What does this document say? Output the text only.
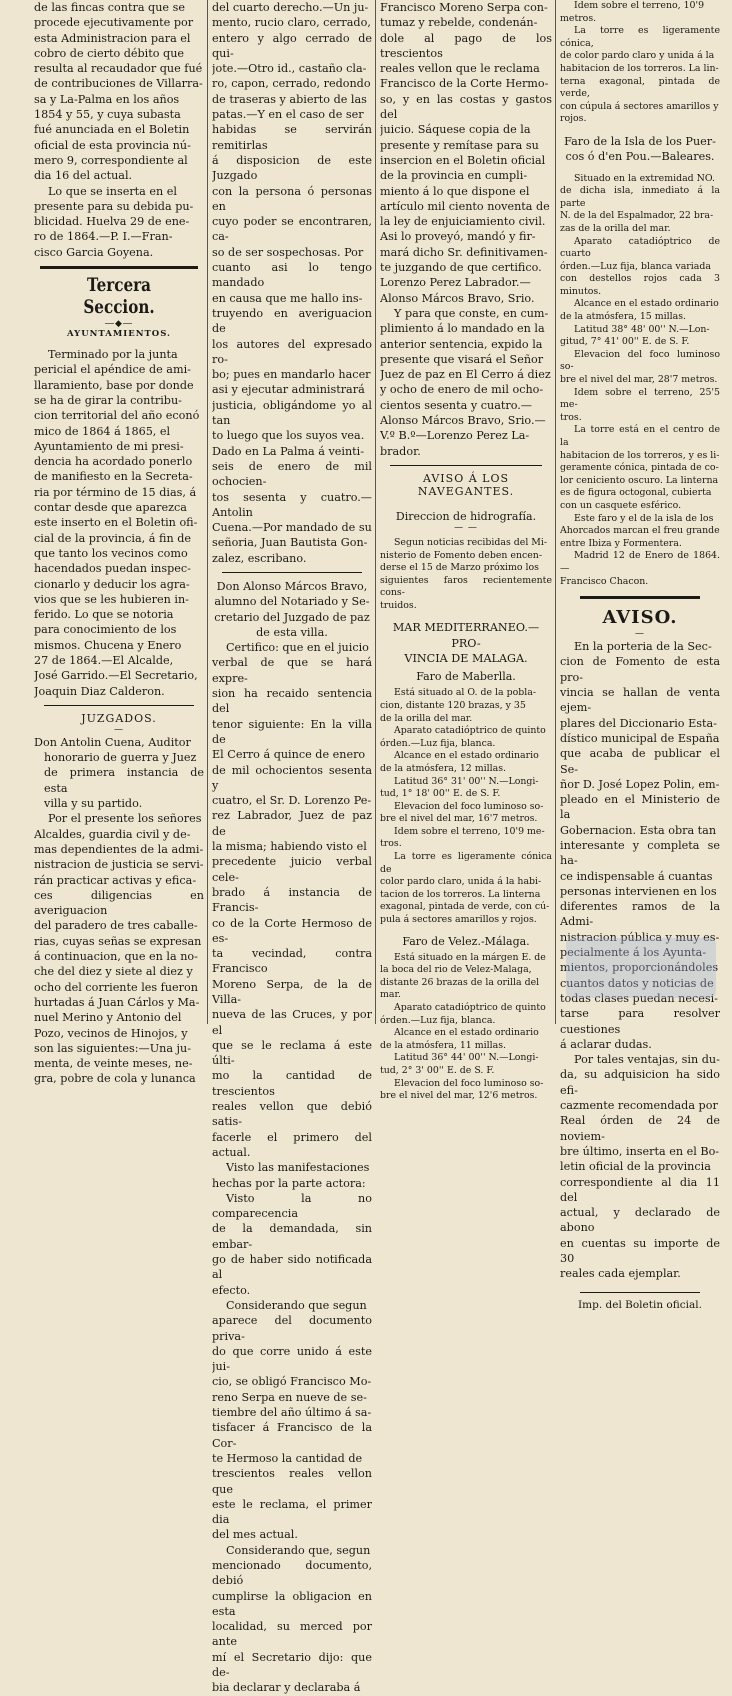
de las fincas contra que se

procede ejecutivamente por

esta Administracion para el

cobro de cierto débito que

resulta al recaudador que fué

de contribuciones de Villarra-

sa y La-Palma en los años

1854 y 55, y cuya subasta

fué anunciada en el Boletin

oficial de esta provincia nú-

mero 9, correspondiente al

dia 16 del actual.

Lo que se inserta en el

presente para su debida pu-

blicidad. Huelva 29 de ene-

ro de 1864.—P. I.—Fran-

cisco Garcia Goyena.

Tercera Seccion.
―◆―
AYUNTAMIENTOS.

Terminado por la junta

pericial el apéndice de ami-

llaramiento, base por donde

se ha de girar la contribu-

cion territorial del año econó

mico de 1864 á 1865, el

Ayuntamiento de mi presi-

dencia ha acordado ponerlo

de manifiesto en la Secreta-

ria por término de 15 dias, á

contar desde que aparezca

este inserto en el Boletin ofi-

cial de la provincia, á fin de

que tanto los vecinos como

hacendados puedan inspec-

cionarlo y deducir los agra-

vios que se les hubieren in-

ferido. Lo que se notoria

para conocimiento de los

mismos. Chucena y Enero

27 de 1864.—El Alcalde,

José Garrido.—El Secretario,

Joaquin Diaz Calderon.

JUZGADOS.
—

Don Antolin Cuena, Auditor

honorario de guerra y Juez

de primera instancia de esta

villa y su partido.

Por el presente los señores

Alcaldes, guardia civil y de-

mas dependientes de la admi-

nistracion de justicia se servi-

rán practicar activas y efica-

ces diligencias en averiguacion

del paradero de tres caballe-

rias, cuyas señas se expresan

á continuacion, que en la no-

che del diez y siete al diez y

ocho del corriente les fueron

hurtadas á Juan Cárlos y Ma-

nuel Merino y Antonio del

Pozo, vecinos de Hinojos, y

son las siguientes:—Una ju-

menta, de veinte meses, ne-

gra, pobre de cola y lunanca

del cuarto derecho.—Un ju-

mento, rucio claro, cerrado,

entero y algo cerrado de qui-

jote.—Otro id., castaño cla-

ro, capon, cerrado, redondo

de traseras y abierto de las

patas.—Y en el caso de ser

habidas se servirán remitirlas

á disposicion de este Juzgado

con la persona ó personas en

cuyo poder se encontraren, ca-

so de ser sospechosas. Por

cuanto asi lo tengo mandado

en causa que me hallo ins-

truyendo en averiguacion de

los autores del expresado ro-

bo; pues en mandarlo hacer

asi y ejecutar administrará

justicia, obligándome yo al tan

to luego que los suyos vea.

Dado en La Palma á veinti-

seis de enero de mil ochocien-

tos sesenta y cuatro.—Antolin

Cuena.—Por mandado de su

señoria, Juan Bautista Gon-

zalez, escribano.

Don Alonso Márcos Bravo,

alumno del Notariado y Se-

cretario del Juzgado de paz

de esta villa.

Certifico: que en el juicio

verbal de que se hará expre-

sion ha recaido sentencia del

tenor siguiente: En la villa de

El Cerro á quince de enero

de mil ochocientos sesenta y

cuatro, el Sr. D. Lorenzo Pe-

rez Labrador, Juez de paz de

la misma; habiendo visto el

precedente juicio verbal cele-

brado á instancia de Francis-

co de la Corte Hermoso de es-

ta vecindad, contra Francisco

Moreno Serpa, de la de Villa-

nueva de las Cruces, y por el

que se le reclama á este últi-

mo la cantidad de trescientos

reales vellon que debió satis-

facerle el primero del actual.

Visto las manifestaciones

hechas por la parte actora:

Visto la no comparecencia

de la demandada, sin embar-

go de haber sido notificada al

efecto.

Considerando que segun

aparece del documento priva-

do que corre unido á este jui-

cio, se obligó Francisco Mo-

reno Serpa en nueve de se-

tiembre del año último á sa-

tisfacer á Francisco de la Cor-

te Hermoso la cantidad de

trescientos reales vellon que

este le reclama, el primer dia

del mes actual.

Considerando que, segun

mencionado documento, debió

cumplirse la obligacion en esta

localidad, su merced por ante

mí el Secretario dijo: que de-

bia declarar y declaraba á

Francisco Moreno Serpa con-

tumaz y rebelde, condenán-

dole al pago de los trescientos

reales vellon que le reclama

Francisco de la Corte Hermo-

so, y en las costas y gastos del

juicio. Sáquese copia de la

presente y remítase para su

insercion en el Boletin oficial

de la provincia en cumpli-

miento á lo que dispone el

artículo mil ciento noventa de

la ley de enjuiciamiento civil.

Asi lo proveyó, mandó y fir-

mará dicho Sr. definitivamen-

te juzgando de que certifico.

Lorenzo Perez Labrador.—

Alonso Márcos Bravo, Srio.

Y para que conste, en cum-

plimiento á lo mandado en la

anterior sentencia, expido la

presente que visará el Señor

Juez de paz en El Cerro á diez

y ocho de enero de mil ocho-

cientos sesenta y cuatro.—

Alonso Márcos Bravo, Srio.—

V.º B.º—Lorenzo Perez La-

brador.

AVISO Á LOS NAVEGANTES.
Direccion de hidrografía.
— —

Segun noticias recibidas del Mi-

nisterio de Fomento deben encen-

derse el 15 de Marzo próximo los

siguientes faros recientemente cons-

truidos.

MAR MEDITERRANEO.—PRO-

VINCIA DE MALAGA.

Faro de Maberlla.

Está situado al O. de la pobla-

cion, distante 120 brazas, y 35

de la orilla del mar.

Aparato catadióptrico de quinto

órden.—Luz fija, blanca.

Alcance en el estado ordinario

de la atmósfera, 12 millas.

Latitud 36° 31' 00'' N.—Longi-

tud, 1° 18' 00'' E. de S. F.

Elevacion del foco luminoso so-

bre el nivel del mar, 16'7 metros.

Idem sobre el terreno, 10'9 me-

tros.

La torre es ligeramente cónica de

color pardo claro, unida á la habi-

tacion de los torreros. La linterna

exagonal, pintada de verde, con cú-

pula á sectores amarillos y rojos.

Faro de Velez.-Málaga.

Está situado en la márgen E. de

la boca del rio de Velez-Malaga,

distante 26 brazas de la orilla del

mar.

Aparato catadióptrico de quinto

órden.—Luz fija, blanca.

Alcance en el estado ordinario

de la atmósfera, 11 millas.

Latitud 36° 44' 00'' N.—Longi-

tud, 2° 3' 00'' E. de S. F.

Elevacion del foco luminoso so-

bre el nivel del mar, 12'6 metros.

Idem sobre el terreno, 10'9

metros.

La torre es ligeramente cónica,

de color pardo claro y unida á la

habitacion de los torreros. La lin-

terna exagonal, pintada de verde,

con cúpula á sectores amarillos y

rojos.

Faro de la Isla de los Puer-

cos ó d'en Pou.—Baleares.

Situado en la extremidad NO.

de dicha isla, inmediato á la parte

N. de la del Espalmador, 22 bra-

zas de la orilla del mar.

Aparato catadióptrico de cuarto

órden.—Luz fija, blanca variada

con destellos rojos cada 3 minutos.

Alcance en el estado ordinario

de la atmósfera, 15 millas.

Latitud 38° 48' 00'' N.—Lon-

gitud, 7° 41' 00'' E. de S. F.

Elevacion del foco luminoso so-

bre el nivel del mar, 28'7 metros.

Idem sobre el terreno, 25'5 me-

tros.

La torre está en el centro de la

habitacion de los torreros, y es li-

geramente cónica, pintada de co-

lor ceniciento oscuro. La linterna

es de figura octogonal, cubierta

con un casquete esférico.

Este faro y el de la isla de los

Ahorcados marcan el freu grande

entre Ibiza y Formentera.

Madrid 12 de Enero de 1864.—

Francisco Chacon.

AVISO.
—

En la porteria de la Sec-

cion de Fomento de esta pro-

vincia se hallan de venta ejem-

plares del Diccionario Esta-

dístico municipal de España

que acaba de publicar el Se-

ñor D. José Lopez Polin, em-

pleado en el Ministerio de la

Gobernacion. Esta obra tan

interesante y completa se ha-

ce indispensable á cuantas

personas intervienen en los

diferentes ramos de la Admi-

nistracion pública y muy es-

pecialmente á los Ayunta-

mientos, proporcionándoles

cuantos datos y noticias de

todas clases puedan necesi-

tarse para resolver cuestiones

á aclarar dudas.

Por tales ventajas, sin du-

da, su adquisicion ha sido efi-

cazmente recomendada por

Real órden de 24 de noviem-

bre último, inserta en el Bo-

letin oficial de la provincia

correspondiente al dia 11 del

actual, y declarado de abono

en cuentas su importe de 30

reales cada ejemplar.

Imp. del Boletin oficial.
